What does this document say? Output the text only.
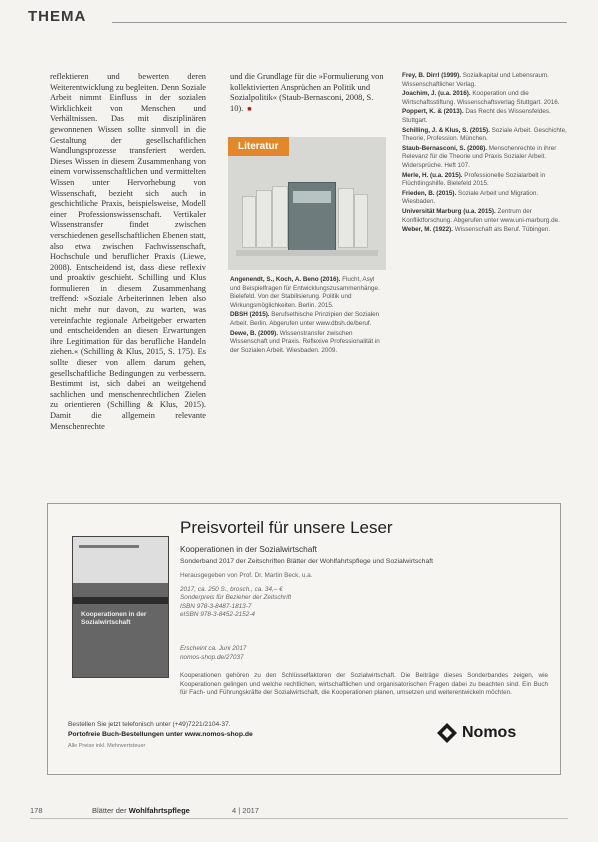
THEMA

reflektieren und bewerten deren Weiterentwicklung zu begleiten. Denn Soziale Arbeit nimmt Einfluss in der sozialen Wirklichkeit von Menschen und Verhältnissen. Das mit disziplinären gewonnenen Wissen sollte sinnvoll in die Gestaltung der gesellschaftlichen Wandlungsprozesse transferiert werden. Dieses Wissen in diesem Zusammenhang von einem vorwissenschaftlichen und vermittelten Wissen unter Hervorhebung von Wissenschaft, bezieht sich auch in geschichtliche Praxis, beispielsweise, Modell einer Professionswissenschaft. Vertikaler Wissenstransfer findet zwischen verschiedenen gesellschaftlichen Ebenen statt, also etwa zwischen Fachwissenschaft, Hochschule und beruflicher Praxis (Liewe, 2008). Entscheidend ist, dass diese reflexiv und proaktiv geschieht. Schilling und Klus formulieren in diesem Zusammenhang treffend: »Soziale Arbeiterinnen leben also nicht mehr nur davon, zu warten, was vereinfachte regionale Arbeitgeber erwarten und entscheidenden an diesen Erwartungen ihre Legitimation für das berufliche Handeln ziehen.« (Schilling & Klus, 2015, S. 175). Es sollte dieser von allem darum gehen, gesellschaftliche Bedingungen zu verbessern. Bestimmt ist, sich dabei an weitgehend sachlichen und menschenrechtlichen Zielen zu orientieren (Schilling & Klus, 2015). Damit die allgemein relevante Menschenrechte

und die Grundlage für die »Formulierung von kollektivierten Ansprüchen an Politik und Sozialpolitik« (Staub-Bernasconi, 2008, S. 10). ■

Literatur

Angenendt, S., Koch, A. Beno (2016). Flucht, Asyl und Beispielfragen für Entwicklungszusammenhänge. Bielefeld. Von der Stabilisierung. Politik und Wirkungsmöglichkeiten. Berlin. 2015.

DBSH (2015). Berufsethische Prinzipien der Sozialen Arbeit. Berlin. Abgerufen unter www.dbsh.de/beruf.

Dewe, B. (2009). Wissenstransfer zwischen Wissenschaft und Praxis. Reflexive Professionalität in der Sozialen Arbeit. Wiesbaden. 2009.

Frey, B. Dirrl (1999). Sozialkapital und Lebensraum. Wissenschaftlicher Verlag.

Joachim, J. (u.a. 2016). Kooperation und die Wirtschaftsstiftung. Wissenschaftsverlag Stuttgart. 2016.

Poppert, K. & (2013). Das Recht des Wissensfeldes. Stuttgart.

Schilling, J. & Klus, S. (2015). Soziale Arbeit. Geschichte, Theorie, Profession. München.

Staub-Bernasconi, S. (2008). Menschenrechte in ihrer Relevanz für die Theorie und Praxis Sozialer Arbeit. Widersprüche. Heft 107.

Merle, H. (u.a. 2015). Professionelle Sozialarbeit in Flüchtlingshilfe. Bielefeld 2015.

Frieden, B. (2015). Soziale Arbeit und Migration. Wiesbaden.

Universität Marburg (u.a. 2015). Zentrum der Konfliktforschung. Abgerufen unter www.uni-marburg.de.

Weber, M. (1922). Wissenschaft als Beruf. Tübingen.

Kooperationen in der Sozialwirtschaft
Preisvorteil für unsere Leser
Kooperationen in der Sozialwirtschaft
Sonderband 2017 der Zeitschriften Blätter der Wohlfahrtspflege und Sozialwirtschaft
Herausgegeben von Prof. Dr. Martin Beck, u.a.
2017, ca. 250 S., brosch., ca. 34,– €
Sonderpreis für Bezieher der Zeitschrift
ISBN 978-3-8487-1813-7
eISBN 978-3-8452-2152-4
Erscheint ca. Juni 2017
nomos-shop.de/27037
Kooperationen gehören zu den Schlüsselfaktoren der Sozialwirtschaft. Die Beiträge dieses Sonderbandes zeigen, wie Kooperationen gelingen und welche rechtlichen, wirtschaftlichen und organisatorischen Fragen dabei zu beachten sind. Ein Buch für Fach- und Führungskräfte der Sozialwirtschaft, die Kooperationen planen, umsetzen und weiterentwickeln möchten.
Bestellen Sie jetzt telefonisch unter (+49)7221/2104-37.
Portofreie Buch-Bestellungen unter www.nomos-shop.de
Alle Preise inkl. Mehrwertsteuer
Nomos
178	Blätter der Wohlfahrtspflege	4 | 2017
